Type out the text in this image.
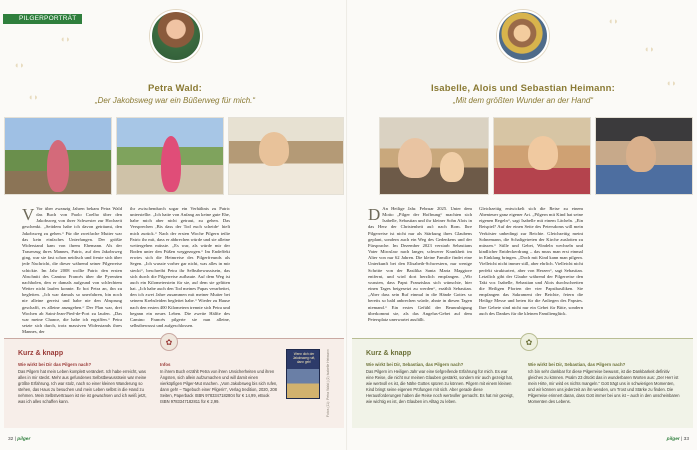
PILGERPORTRÄT
◖◗
◖◗
◖◗
Petra Wald:
„Der Jakobsweg war ein Büßerweg für mich.“
V Vor über zwanzig Jahren bekam Petra Wald das Buch von Paolo Coelho über den Jakobsweg von ihrer Schwester zur Hochzeit geschenkt. „Seitdem habe ich davon geträumt, den Jakobsweg zu gehen.“ Für die zweifache Mutter war das kein einfaches Unterfangen. Der größte Widerstand kam von ihrem Ehemann. Als der Trauerzug ihres Mannes, Patric, auf den Jakobsweg ging, war sie fast schon neidisch und freute sich über jede Nachricht, die dieser während seiner Pilgerreise schickte. Im Jahr 2008 wollte Patric den ersten Abschnitt des Camino Francés über die Pyrenäen nachholen, den er damals aufgrund von schlechtem Wetter nicht laufen konnte. Er bot Petra an, ihn zu begleiten. „Ich war damals so unerfahren, bin noch nie alleine gereist und habe nie den Absprung geschafft, es alleine anzugehen.“ Der Plan war, drei Wochen ab Saint-Jean-Pied-de-Port zu laufen. „Das war meine Chance, die habe ich ergriffen.“ Petra setzte sich durch, trotz massiven Widerstands ihres Mannes, der
ihr zwischendurch sogar ein Verhältnis zu Patric unterstellte. „Ich hatte von Anfang an keine gute Ehe, habe mich aber nicht getraut, zu gehen. Das Versprechen ‚Bis dass der Tod euch scheide‘ hielt mich zurück.“ Nach der ersten Woche Pilgern teilte Patric ihr mit, dass er abbrechen würde und sie alleine weitergehen müsste. „Es war, als würde mir der Boden unter den Füßen weggezogen.“ Im Endeffekt erwies sich die Heimreise des Pilgerfreunds als Segen. „Ich wusste vorher gar nicht, was alles in mir steckt“, beschreibt Petra ihr Selbstbewusstsein, das sich durch die Pilgerreise aufbaute. Auf dem Weg ist auch ein Kilometerstein für sie, auf dem sie gelitten hat. „Ich habe auch den Tod meines Papas verarbeitet, den ich zwei Jahre zusammen mit meiner Mutter bei seinem Krebsleiden begleitet habe.“ Wieder zu Hause nach den ersten 400 Kilometern trennte sich Petra und begann ein neues Leben. Die zweite Hälfte des Camino Francés pilgerte sie nun alleine, selbstbewusst und aufgeschlossen.
✿
Kurz & knapp
Wie wirkt bei Dir das Pilgern nach?
Das Pilgern hat mein Leben komplett verändert. Ich habe erreicht, was alles in mir steckt. Mehr aus gefundenes Selbstbewusstsein war meine größte Erfahrung. Ich war stolz, nach so einer kleinen Wanderung so stehen, das Haus zu besuchen und mein Leben selbst in die Hand zu nehmen. Mein Selbstvertrauen ist nie ist gewachsen und ich weiß jetzt, was ich alles schaffen kann.
Infos
In ihrem Buch erzählt Petra von ihren Unsicherheiten und ihren Ängsten, sich allein aufzumachen und will damit einen vierköpfigen Pilger-Mut machen. „Vom Jakobsweg bis sich rufen, dann geh! – Tagebuch einer Pilgerin“, Verlag tredition, 2020, 208 Seiten, Paperback ISBN 9783347182804 für € 14,99, eBook ISBN 9783347182811 für € 2,99.
Wenn dich der Jakobsweg ruft, dann geh!	Fotos (11): Petra Wald | (2) Isabelle Heimann
32 | pilger
◖◗
◖◗
◖◗
Isabelle, Alois und Sebastian Heimann:
„Mit dem größten Wunder an der Hand“
D An Heilige Jahr. Februar 2025. Unter dem Motto „Pilger der Hoffnung“ machten sich Isabelle, Sebastian und ihr kleiner Sohn Alois in das Herz der Christenheit auf: nach Rom. Ihre Pilgerreise ist nicht nur als Stärkung ihres Glaubens geplant, sondern auch ein Weg des Gedenkens und der Fürsprache. Im Dezember 2023 verstarb Sebastians Vater Miroslaw nach langer, schwerer Krankheit im Alter von nur 62 Jahren. Die kleine Familie findet eine Unterkunft bei den Elisabeth-Schwestern, nur wenige Schritte von der Basilika Santa Maria Maggiore entfernt, und wird dort herzlich empfangen. „Wir wussten, dass Papst Franziskus sich wünschte, hier einen Tages beigesetzt zu werden“, erzählt Sebastian. „Aber dass sein Ruf einmal in die Hände Gottes so bereits so bald anbrechen würde, ahnte in diesen Tagen niemand.“ Ein erstes Gefühl der Beunruhigung überkommt sie, als das Angelus-Gebet auf dem Petersplatz unerwartet ausfällt.
Gleichzeitig entwickelt sich die Reise zu einem Abenteuer ganz eigener Art. „Pilgern mit Kind hat seine eigenen Regeln“, sagt Isabelle mit einem Lächeln. „Ein Beispiel? Auf der einen Seite des Petersdoms will mein Verköster unbedingt zur Beichte. Gleichzeitig meint Sohnemann, die Schaltgetreten der Kirche auslotten zu müssen.“ Stille und Gebet, Windeln wechseln und kindlicher Entdeckerdrang – das muss man erst einmal in Einklang bringen. „Doch mit Kind kann man pilgern. Vielleicht nicht immer still, aber ehrlich. Vielleicht nicht perfekt strukturiert, aber von Herzen“, sagt Sebastian. Letztlich gibt der Glaube während der Pilgerreise den Takt vor. Isabelle, Sebastian und Alois durchschreiten die Heiligen Pforten der vier Papstbasiliken. Sie empfangen das Sakrament der Beichte, feiern die Heilige Messe und beten für die Anliegen des Papstes. Ihre Gebete sind nicht nur ein Gebet für Bitte, sondern auch des Dankes für die kleinen Familienglück.
✿
Kurz & knapp
Wie wirkt bei Dir, Sebastian, das Pilgern nach?
Das Pilgern im Heiligen Jahr war eine tiefgreifende Erfahrung für mich. Es war eine Reise, die nicht nur meinen Glauben gestärkt, sondern mir auch gezeigt hat, wie wertvoll es ist, die Nähe Gottes spüren zu können. Pilgern mit einem kleinen Kind bringt seine eigenen Prüfungen mit sich. Aber gerade diese Herausforderungen haben die Reise noch wertvoller gemacht. Es hat mir gezeigt, wie wichtig es ist, den Glauben im Alltag zu leben.
Wie wirkt bei Dir, Sebastian, das Pilgern nach?
Ich bin sehr dankbar für diese Pilgerreise bewusst, ist die Dankbarkeit definitiv gleiches zu können. Psalm 23 drückt das in wunderbaren Worten aus: „Der Herr ist mein Hirte, mir wird es nichts mangeln.“ Gott trägt uns in schwierigen Momenten, und wir können uns jederzeit an ihn wenden, um Trost und Stärke zu finden. Die Pilgerreise erinnert daran, dass Gott immer bei uns ist – auch in den unscheinbaren Momenten des Lebens.
pilger | 33
